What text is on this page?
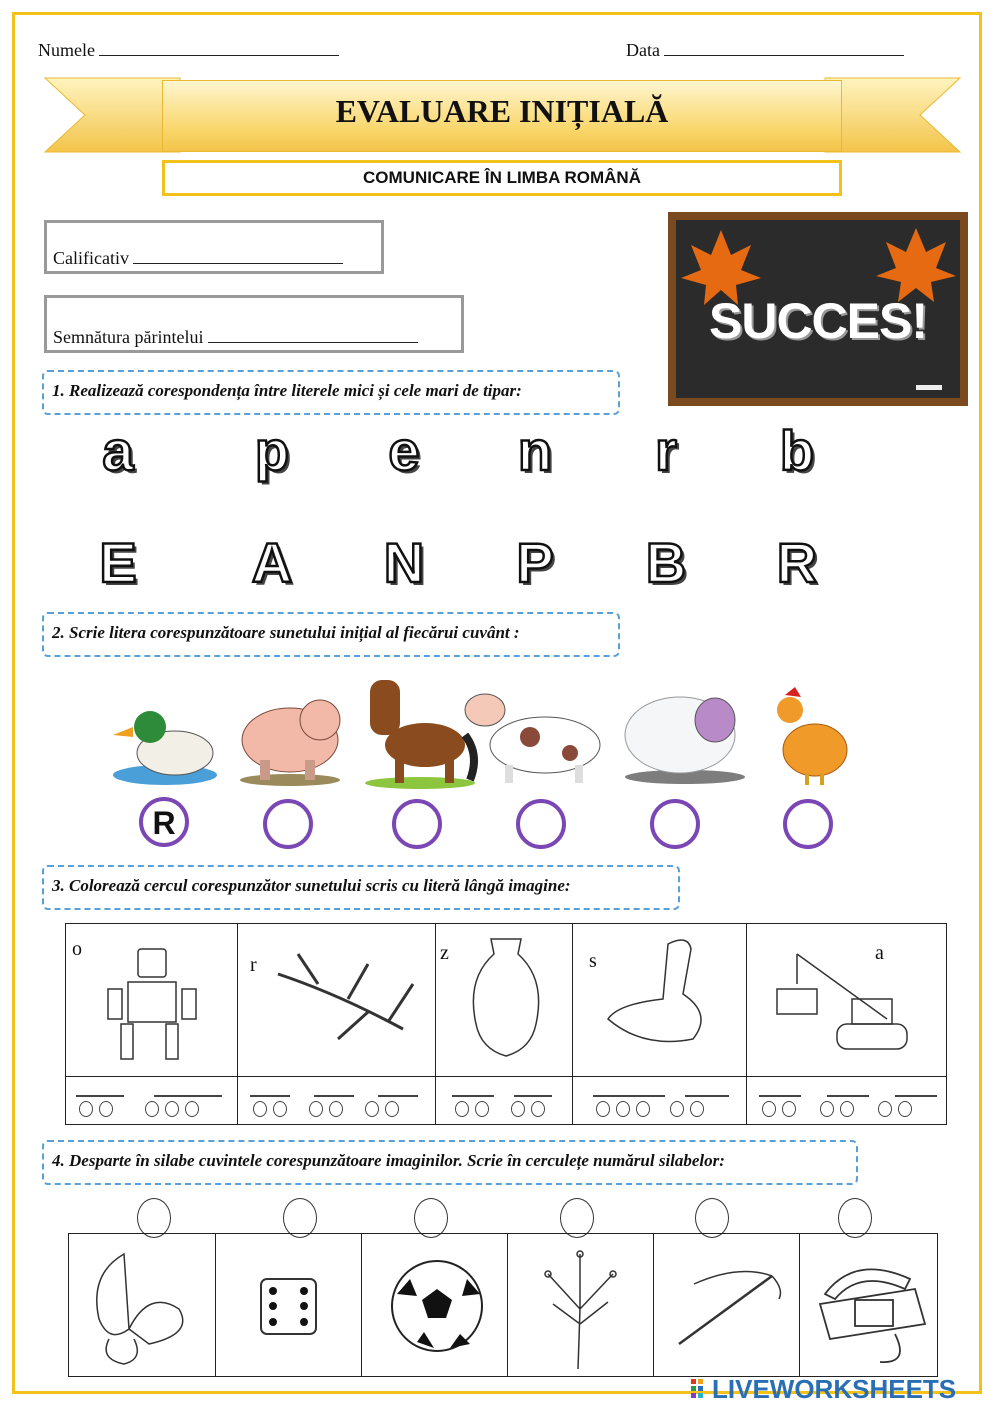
Numele	Data
EVALUARE INIȚIALĂ
COMUNICARE ÎN LIMBA ROMÂNĂ
Calificativ
Semnătura părintelui	SUCCES!
1. Realizează corespondența între literele mici și cele mari de tipar:
a p e n	r	b
E A N P B R
2. Scrie litera corespunzătoare sunetului inițial al fiecărui cuvânt :
R
3. Colorează cercul corespunzător sunetului scris cu literă lângă imagine:
o	r	z	s	a

4. Desparte în silabe cuvintele corespunzătoare imaginilor. Scrie în cerculețe numărul silabelor:
LIVEWORKSHEETS
